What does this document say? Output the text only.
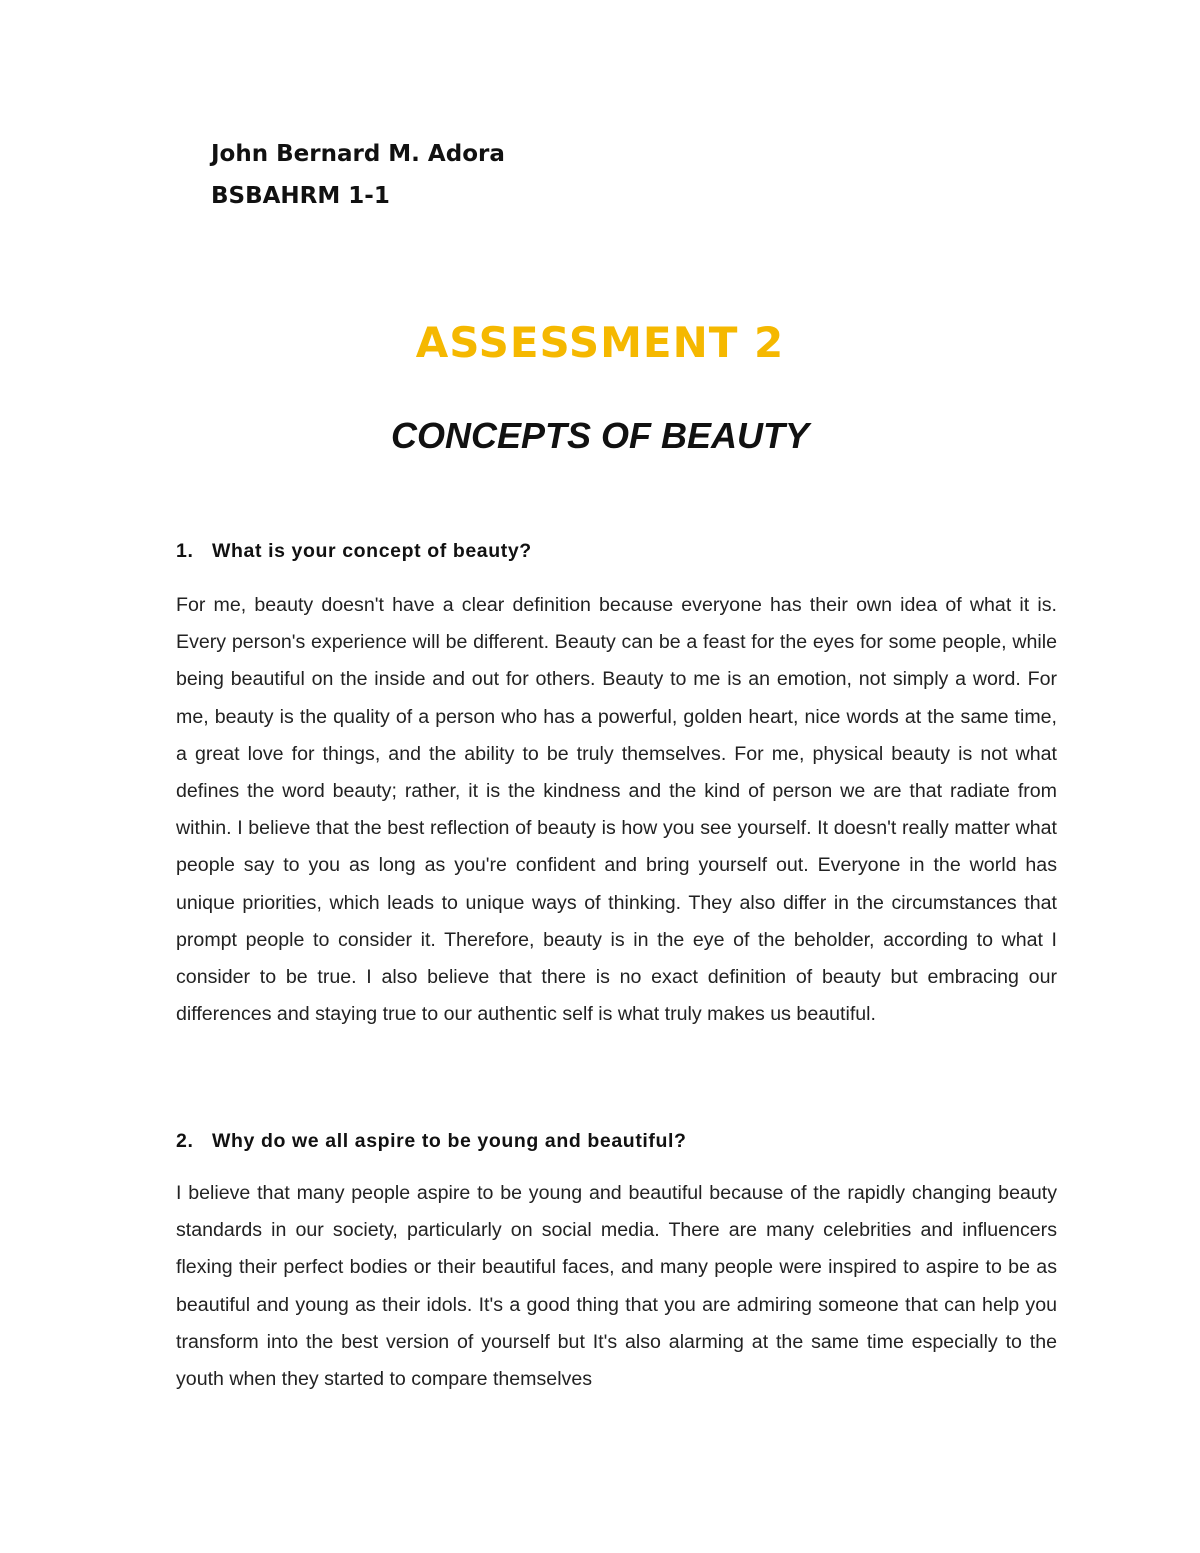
John Bernard M. Adora
BSBAHRM 1-1
ASSESSMENT 2
CONCEPTS OF BEAUTY
1. What is your concept of beauty?

For me, beauty doesn't have a clear definition because everyone has their own idea of what it is. Every person's experience will be different. Beauty can be a feast for the eyes for some people, while being beautiful on the inside and out for others. Beauty to me is an emotion, not simply a word. For me, beauty is the quality of a person who has a powerful, golden heart, nice words at the same time, a great love for things, and the ability to be truly themselves. For me, physical beauty is not what defines the word beauty; rather, it is the kindness and the kind of person we are that radiate from within. I believe that the best reflection of beauty is how you see yourself. It doesn't really matter what people say to you as long as you're confident and bring yourself out. Everyone in the world has unique priorities, which leads to unique ways of thinking. They also differ in the circumstances that prompt people to consider it. Therefore, beauty is in the eye of the beholder, according to what I consider to be true. I also believe that there is no exact definition of beauty but embracing our differences and staying true to our authentic self is what truly makes us beautiful.

2. Why do we all aspire to be young and beautiful?

I believe that many people aspire to be young and beautiful because of the rapidly changing beauty standards in our society, particularly on social media. There are many celebrities and influencers flexing their perfect bodies or their beautiful faces, and many people were inspired to aspire to be as beautiful and young as their idols. It's a good thing that you are admiring someone that can help you transform into the best version of yourself but It's also alarming at the same time especially to the youth when they started to compare themselves
